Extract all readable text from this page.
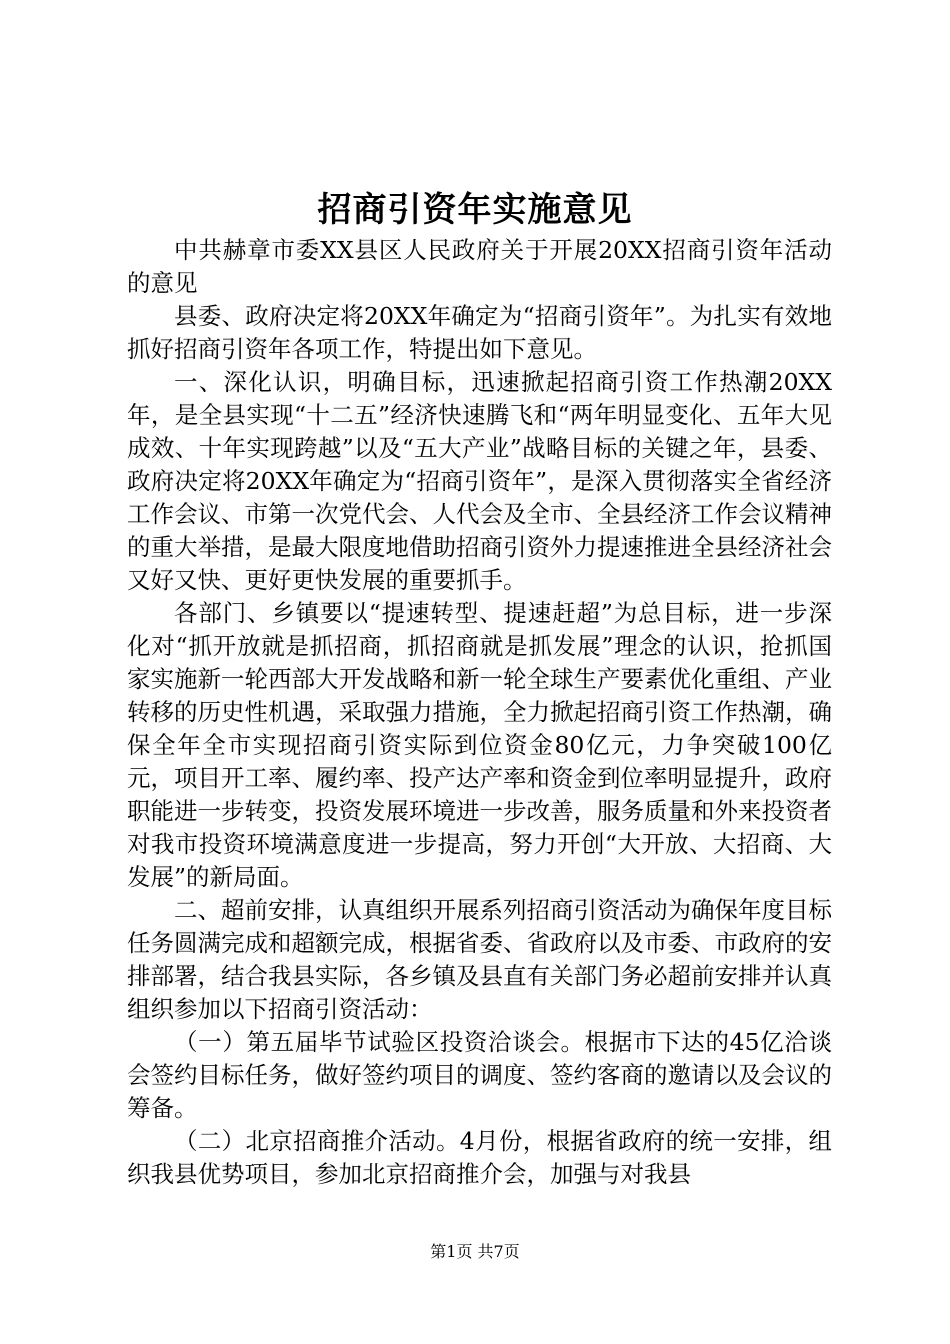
招商引资年实施意见

中共赫章市委XX县区人民政府关于开展20XX招商引资年活动的意见

县委、政府决定将20XX年确定为“招商引资年”。为扎实有效地抓好招商引资年各项工作，特提出如下意见。

一、深化认识，明确目标，迅速掀起招商引资工作热潮20XX年，是全县实现“十二五”经济快速腾飞和“两年明显变化、五年大见成效、十年实现跨越”以及“五大产业”战略目标的关键之年，县委、政府决定将20XX年确定为“招商引资年”，是深入贯彻落实全省经济工作会议、市第一次党代会、人代会及全市、全县经济工作会议精神的重大举措，是最大限度地借助招商引资外力提速推进全县经济社会又好又快、更好更快发展的重要抓手。

各部门、乡镇要以“提速转型、提速赶超”为总目标，进一步深化对“抓开放就是抓招商，抓招商就是抓发展”理念的认识，抢抓国家实施新一轮西部大开发战略和新一轮全球生产要素优化重组、产业转移的历史性机遇，采取强力措施，全力掀起招商引资工作热潮，确保全年全市实现招商引资实际到位资金80亿元，力争突破100亿元，项目开工率、履约率、投产达产率和资金到位率明显提升，政府职能进一步转变，投资发展环境进一步改善，服务质量和外来投资者对我市投资环境满意度进一步提高，努力开创“大开放、大招商、大发展”的新局面。

二、超前安排，认真组织开展系列招商引资活动为确保年度目标任务圆满完成和超额完成，根据省委、省政府以及市委、市政府的安排部署，结合我县实际，各乡镇及县直有关部门务必超前安排并认真组织参加以下招商引资活动：

（一）第五届毕节试验区投资洽谈会。根据市下达的45亿洽谈会签约目标任务，做好签约项目的调度、签约客商的邀请以及会议的筹备。

（二）北京招商推介活动。4月份，根据省政府的统一安排，组织我县优势项目，参加北京招商推介会，加强与对我县

第1页 共7页
